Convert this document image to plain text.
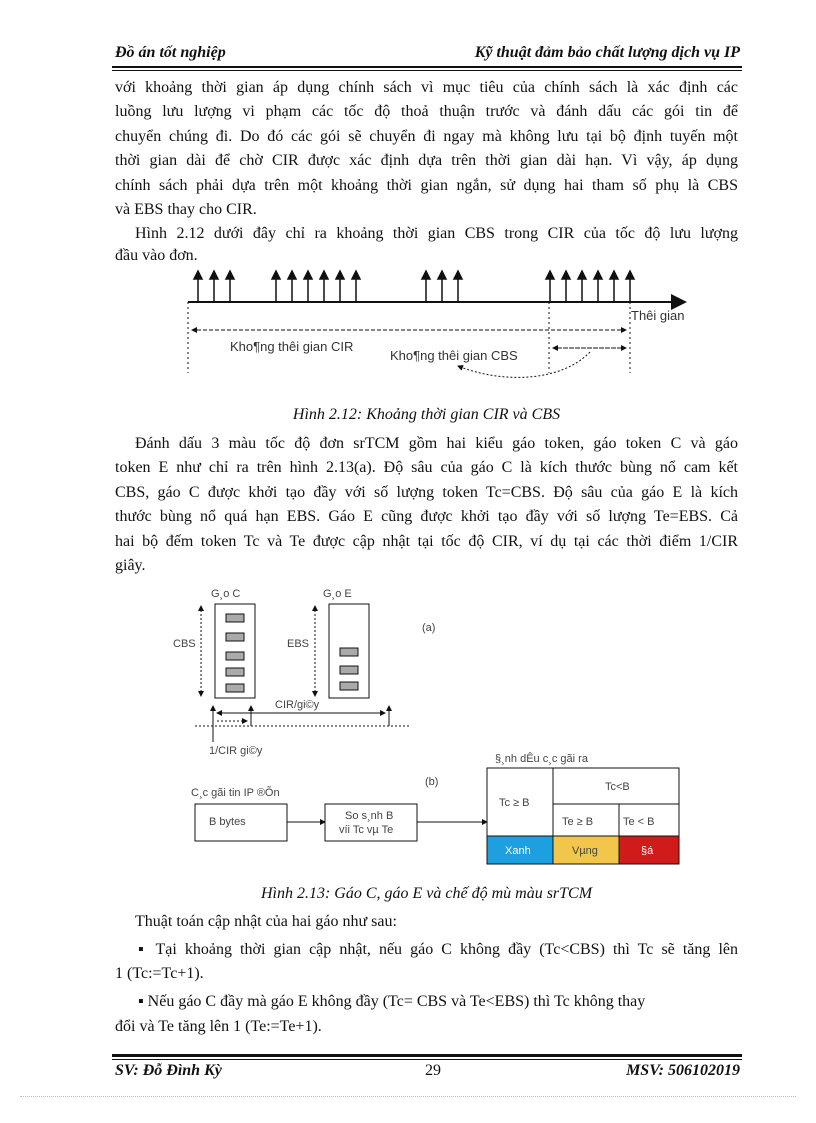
Đồ án tốt nghiệp	Kỹ thuật đảm bảo chất lượng dịch vụ IP

với khoảng thời gian áp dụng chính sách vì mục tiêu của chính sách là xác định các

luồng lưu lượng vi phạm các tốc độ thoả thuận trước và đánh dấu các gói tin để

chuyển chúng đi. Do đó các gói sẽ chuyển đi ngay mà không lưu tại bộ định tuyến một

thời gian dài để chờ CIR được xác định dựa trên thời gian dài hạn. Vì vậy, áp dụng

chính sách phải dựa trên một khoảng thời gian ngắn, sử dụng hai tham số phụ là CBS

và EBS thay cho CIR.

Hình 2.12 dưới đây chỉ ra khoảng thời gian CBS trong CIR của tốc độ lưu lượng

đầu vào đơn.

Thêi gian
Kho¶ng thêi gian CIR
Kho¶ng thêi gian CBS
Hình 2.12: Khoảng thời gian CIR và CBS

Đánh dấu 3 màu tốc độ đơn srTCM gồm hai kiểu gáo token, gáo token C và gáo

token E như chỉ ra trên hình 2.13(a). Độ sâu của gáo C là kích thước bùng nổ cam kết

CBS, gáo C được khởi tạo đầy với số lượng token Tc=CBS. Độ sâu của gáo E là kích

thước bùng nổ quá hạn EBS. Gáo E cũng được khởi tạo đầy với số lượng Te=EBS. Cả

hai bộ đếm token Tc và Te được cập nhật tại tốc độ CIR, ví dụ tại các thời điểm 1/CIR

giây.

G¸o C
CBS
G¸o E
EBS
(a)
CIR/gi©y
1/CIR gi©y
(b)
C¸c gãi tin IP ®Õn
B bytes	So s¸nh B
víi Tc vµ Te
§¸nh dÊu c¸c gãi ra
Tc ≥ B
Tc<B
Te ≥ B	Te < B
Xanh	Vµng	§á
Hình 2.13: Gáo C, gáo E và chế độ mù màu srTCM

Thuật toán cập nhật của hai gáo như sau:

▪ Tại khoảng thời gian cập nhật, nếu gáo C không đầy (Tc<CBS) thì Tc sẽ tăng lên
1 (Tc:=Tc+1).
▪ Nếu gáo C đầy mà gáo E không đầy (Tc= CBS và Te<EBS) thì Tc không thay
đổi và Te tăng lên 1 (Te:=Te+1).
SV: Đỗ Đình Kỳ	29	MSV: 506102019
